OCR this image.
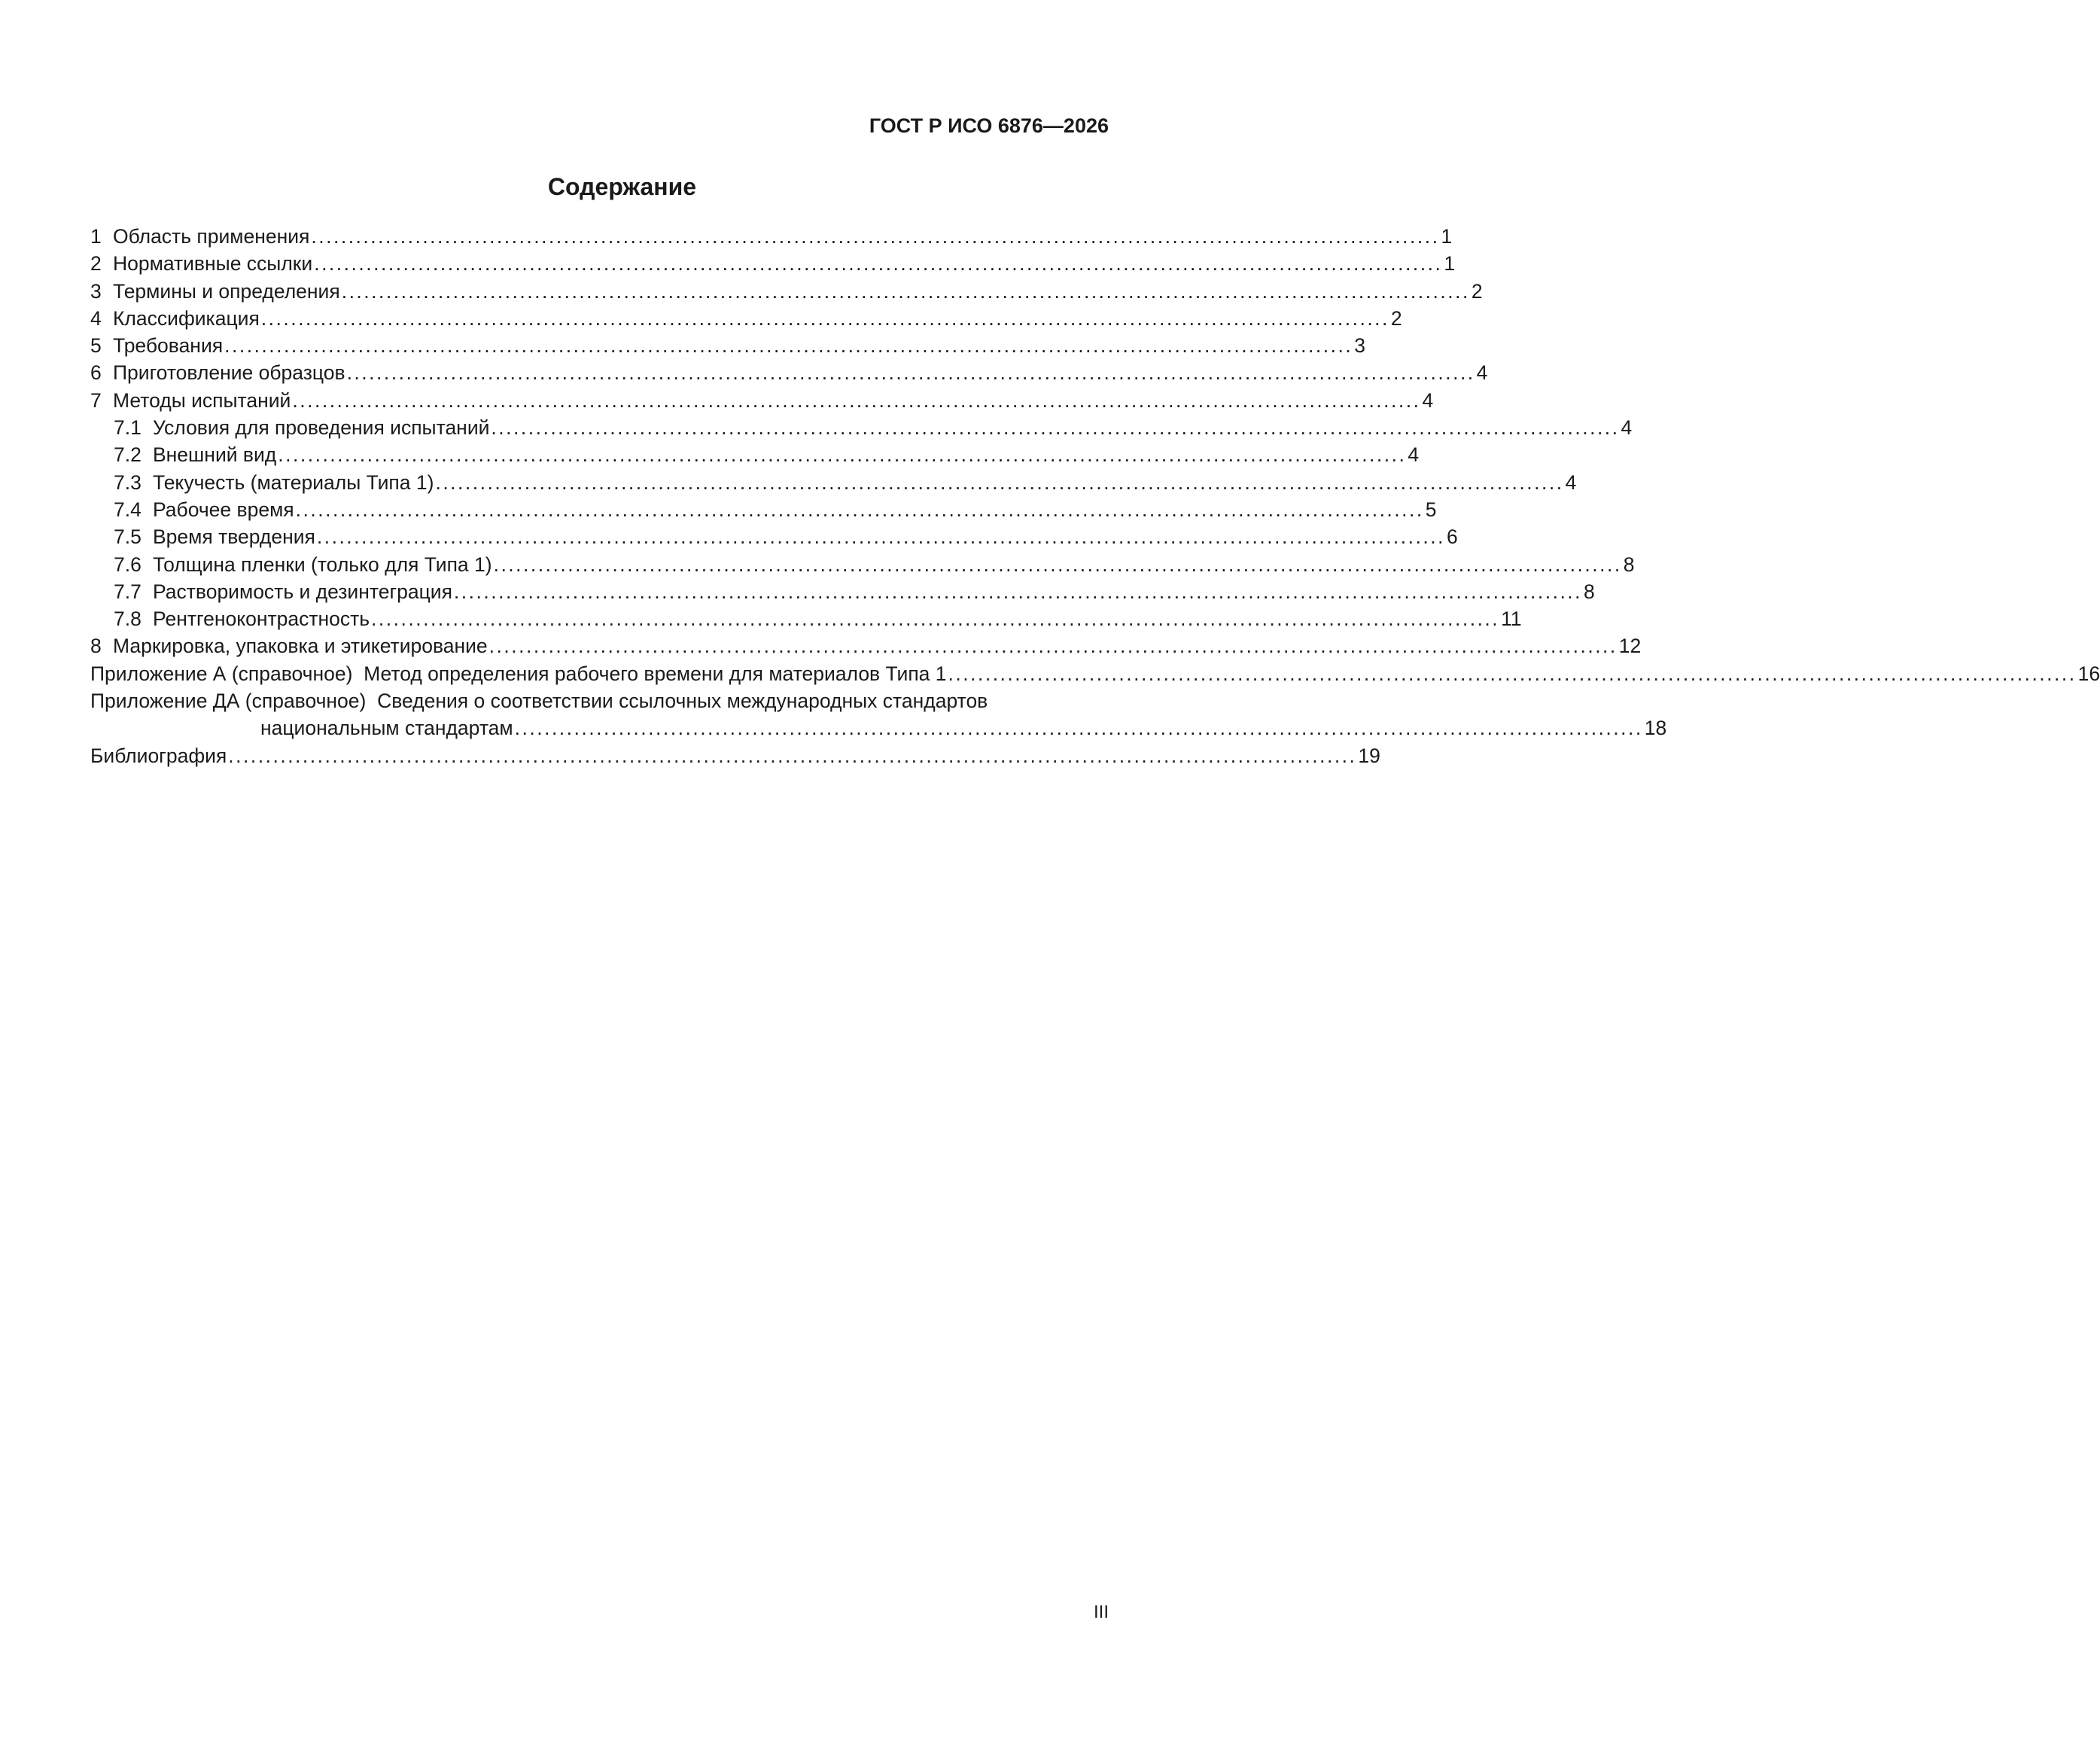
ГОСТ Р ИСО 6876—2026
Содержание
1 Область применения ........................................................................................................................................................ 1
2 Нормативные ссылки ........................................................................................................................................................ 1
3 Термины и определения ........................................................................................................................................................ 2
4 Классификация ........................................................................................................................................................ 2
5 Требования ........................................................................................................................................................ 3
6 Приготовление образцов ........................................................................................................................................................ 4
7 Методы испытаний ........................................................................................................................................................ 4
7.1 Условия для проведения испытаний ........................................................................................................................................................ 4
7.2 Внешний вид ........................................................................................................................................................ 4
7.3 Текучесть (материалы Типа 1) ........................................................................................................................................................ 4
7.4 Рабочее время ........................................................................................................................................................ 5
7.5 Время твердения ........................................................................................................................................................ 6
7.6 Толщина пленки (только для Типа 1) ........................................................................................................................................................ 8
7.7 Растворимость и дезинтеграция ........................................................................................................................................................ 8
7.8 Рентгеноконтрастность ........................................................................................................................................................ 11
8 Маркировка, упаковка и этикетирование ........................................................................................................................................................ 12
Приложение А (справочное)  Метод определения рабочего времени для материалов Типа 1 ........................................................................................................................................................ 16
Приложение ДА (справочное)  Сведения о соответствии ссылочных международных стандартов
национальным стандартам ........................................................................................................................................................ 18
Библиография ........................................................................................................................................................ 19
III
